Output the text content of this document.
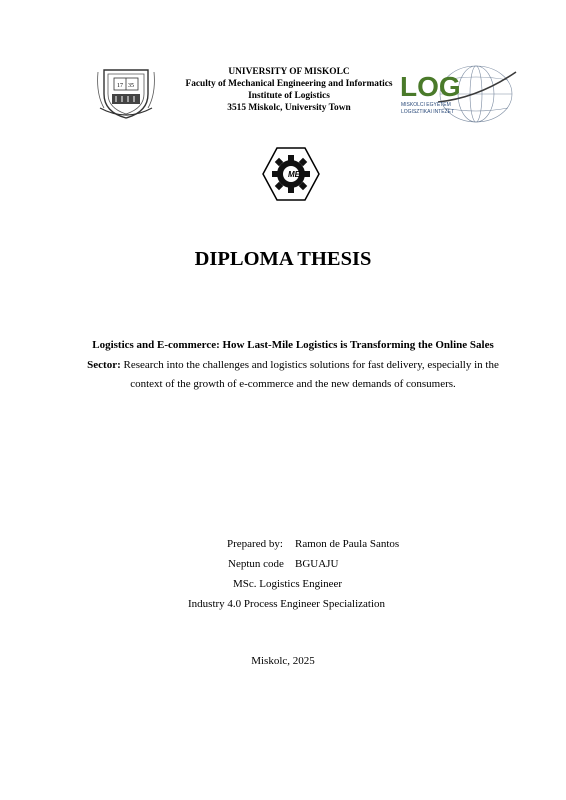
17 35
UNIVERSITY OF MISKOLC
Faculty of Mechanical Engineering and Informatics
Institute of Logistics
3515 Miskolc, University Town
LOG
MISKOLCI EGYETEM
LOGISZTIKAI INTÉZET
ME
DIPLOMA THESIS
Logistics and E-commerce: How Last-Mile Logistics is Transforming the Online Sales Sector: Research into the challenges and logistics solutions for fast delivery, especially in the context of the growth of e-commerce and the new demands of consumers.
Prepared by: Ramon de Paula Santos
Neptun code BGUAJU
MSc. Logistics Engineer
Industry 4.0 Process Engineer Specialization
Miskolc, 2025
